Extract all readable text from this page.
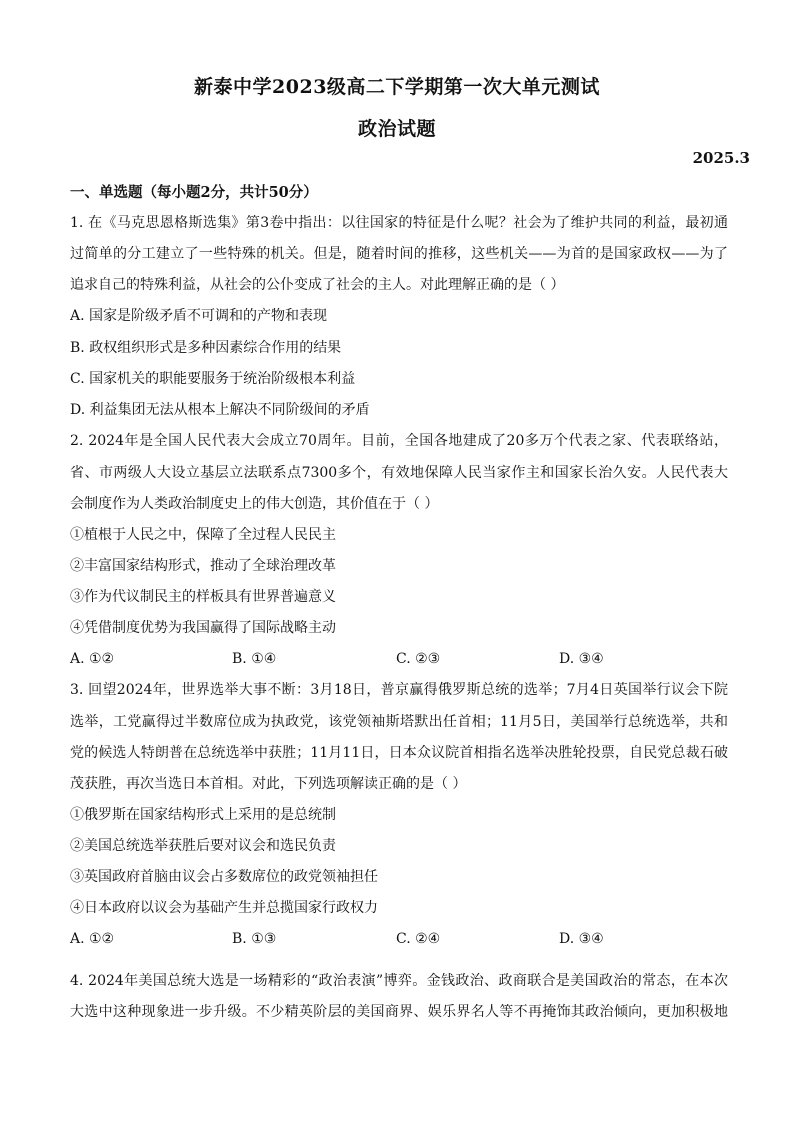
新泰中学2023级高二下学期第一次大单元测试
政治试题
2025.3
一、单选题（每小题2分，共计50分）
1. 在《马克思恩格斯选集》第3卷中指出：以往国家的特征是什么呢？社会为了维护共同的利益，最初通
过简单的分工建立了一些特殊的机关。但是，随着时间的推移，这些机关——为首的是国家政权——为了
追求自己的特殊利益，从社会的公仆变成了社会的主人。对此理解正确的是（ ）
A. 国家是阶级矛盾不可调和的产物和表现
B. 政权组织形式是多种因素综合作用的结果
C. 国家机关的职能要服务于统治阶级根本利益
D. 利益集团无法从根本上解决不同阶级间的矛盾
2. 2024年是全国人民代表大会成立70周年。目前，全国各地建成了20多万个代表之家、代表联络站，
省、市两级人大设立基层立法联系点7300多个，有效地保障人民当家作主和国家长治久安。人民代表大
会制度作为人类政治制度史上的伟大创造，其价值在于（ ）
①植根于人民之中，保障了全过程人民民主
②丰富国家结构形式，推动了全球治理改革
③作为代议制民主的样板具有世界普遍意义
④凭借制度优势为我国赢得了国际战略主动
A. ①②	B. ①④	C. ②③	D. ③④
3. 回望2024年，世界选举大事不断：3月18日，普京赢得俄罗斯总统的选举；7月4日英国举行议会下院
选举，工党赢得过半数席位成为执政党，该党领袖斯塔默出任首相；11月5日，美国举行总统选举，共和
党的候选人特朗普在总统选举中获胜；11月11日，日本众议院首相指名选举决胜轮投票，自民党总裁石破
茂获胜，再次当选日本首相。对此，下列选项解读正确的是（ ）
①俄罗斯在国家结构形式上采用的是总统制
②美国总统选举获胜后要对议会和选民负责
③英国政府首脑由议会占多数席位的政党领袖担任
④日本政府以议会为基础产生并总揽国家行政权力
A. ①②	B. ①③	C. ②④	D. ③④
4. 2024年美国总统大选是一场精彩的“政治表演”博弈。金钱政治、政商联合是美国政治的常态，在本次
大选中这种现象进一步升级。不少精英阶层的美国商界、娱乐界名人等不再掩饰其政治倾向，更加积极地
